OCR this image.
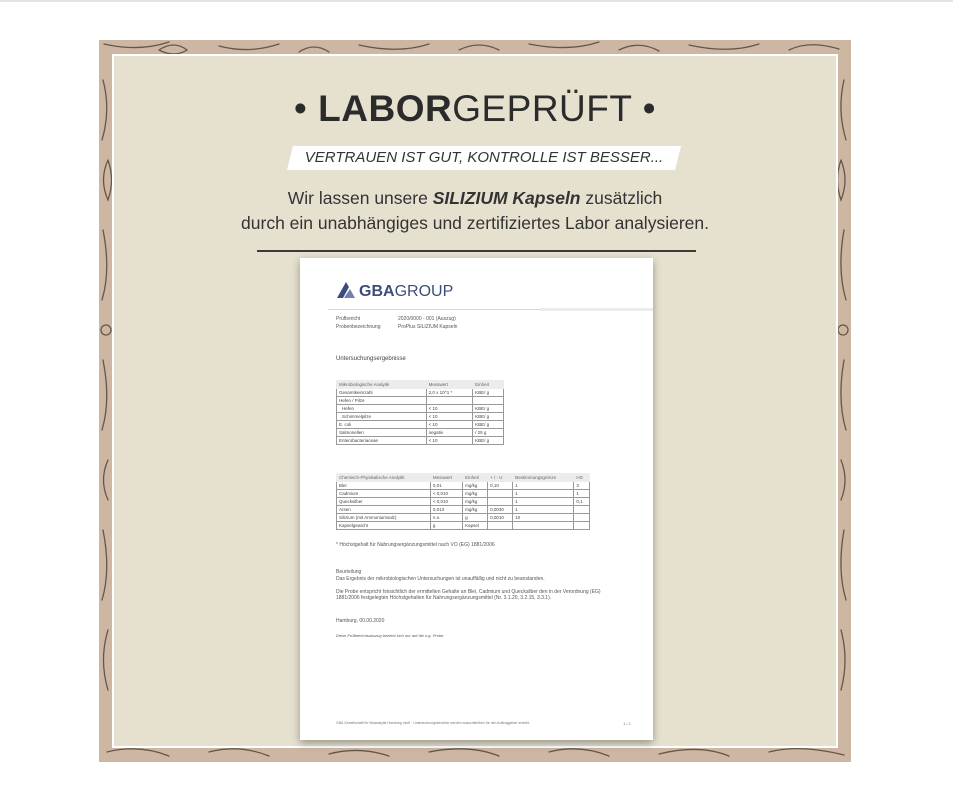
• LABORGEPRÜFT •
VERTRAUEN IST GUT, KONTROLLE IST BESSER...
Wir lassen unsere SILIZIUM Kapseln zusätzlich
durch ein unabhängiges und zertifiziertes Labor analysieren.
GBAGROUP
Prüfbericht	2020/0000 - 001 (Auszug)
Probenbezeichnung	ProPlus SILIZIUM Kapseln
Untersuchungsergebnisse
Mikrobiologische Analytik	Messwert	Einheit
Gesamtkeimzahl	2,0 x 10^1 *	KBE/ g
Hefen / Pilze		
Hefen	< 10	KBE/ g
Schimmelpilze	< 10	KBE/ g
E. coli	< 10	KBE/ g
Salmonellen	negativ	/ 25 g
Enterobacteriaceae	< 10	KBE/ g
Chemisch-Physikalische Analytik	Messwert	Einheit	+ / - U	Bestimmungsgrenze	HG
Blei	0,01	mg/kg	0,10	1	3
Cadmium	< 0,010	mg/kg		1	1
Quecksilber	< 0,010	mg/kg		1	0,1
Arsen	0,013	mg/kg	0,0030	1	
Silizium (mit Ammoniumsalz)	n.n.	g	0,0010	10	
Kapselgewicht	g	Kapsel			
* Höchstgehalt für Nahrungsergänzungsmittel nach VO (EG) 1881/2006
Beurteilung
Das Ergebnis der mikrobiologischen Untersuchungen ist unauffällig und nicht zu beanstanden.
Die Probe entspricht hinsichtlich der ermittelten Gehalte an Blei, Cadmium und Quecksilber den in der Verordnung (EG) 1881/2006 festgelegten Höchstgehalten für Nahrungsergänzungsmittel (Nr. 3.1.20, 3.2.15, 3.3.1).
Hamburg, 00.00.2020
Diese Prüfberichtsauszug bezieht sich nur auf die o.g. Probe.
GBA Gesellschaft für Bioanalytik Hamburg mbH · Untersuchungsberichte werden ausschließlich für den Auftraggeber erstellt.	1 / 1
